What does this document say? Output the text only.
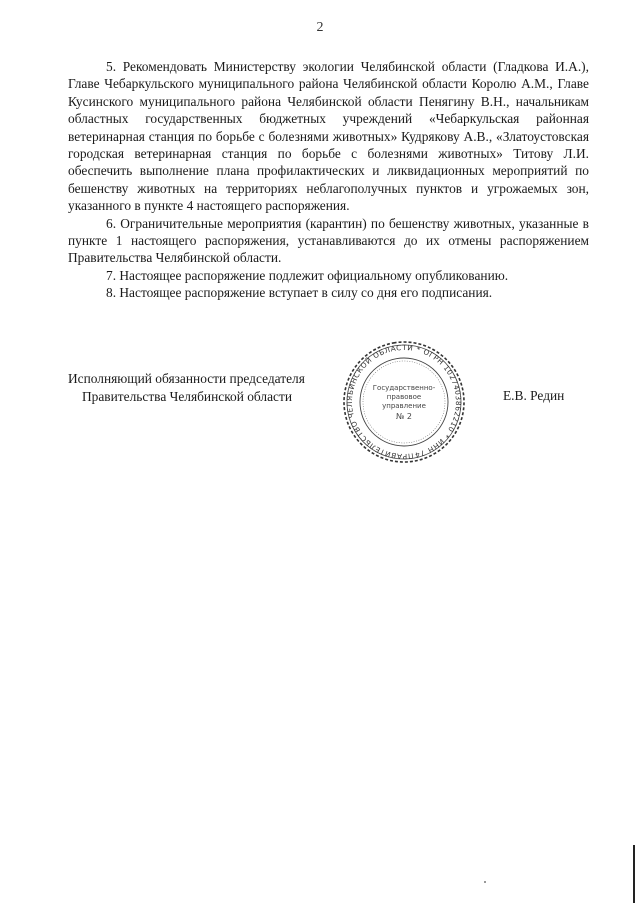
2

5. Рекомендовать Министерству экологии Челябинской области (Гладкова И.А.), Главе Чебаркульского муниципального района Челябинской области Королю А.М., Главе Кусинского муниципального района Челябинской области Пенягину В.Н., начальникам областных государственных бюджетных учреждений «Чебаркульская районная ветеринарная станция по борьбе с болезнями животных» Кудрякову А.В., «Златоустовская городская ветеринарная станция по борьбе с болезнями животных» Титову Л.И. обеспечить выполнение плана профилактических и ликвидационных мероприятий по бешенству животных на территориях неблагополучных пунктов и угрожаемых зон, указанного в пункте 4 настоящего распоряжения.

6. Ограничительные мероприятия (карантин) по бешенству животных, указанные в пункте 1 настоящего распоряжения, устанавливаются до их отмены распоряжением Правительства Челябинской области.

7. Настоящее распоряжение подлежит официальному опубликованию.

8. Настоящее распоряжение вступает в силу со дня его подписания.

Исполняющий обязанности председателя
Правительства Челябинской области
ПРАВИТЕЛЬСТВО ЧЕЛЯБИНСКОЙ ОБЛАСТИ * ОГРН 1027403862210 * ИНН 7451061617
Государственно-
правовое
управление
№ 2
Е.В. Редин
